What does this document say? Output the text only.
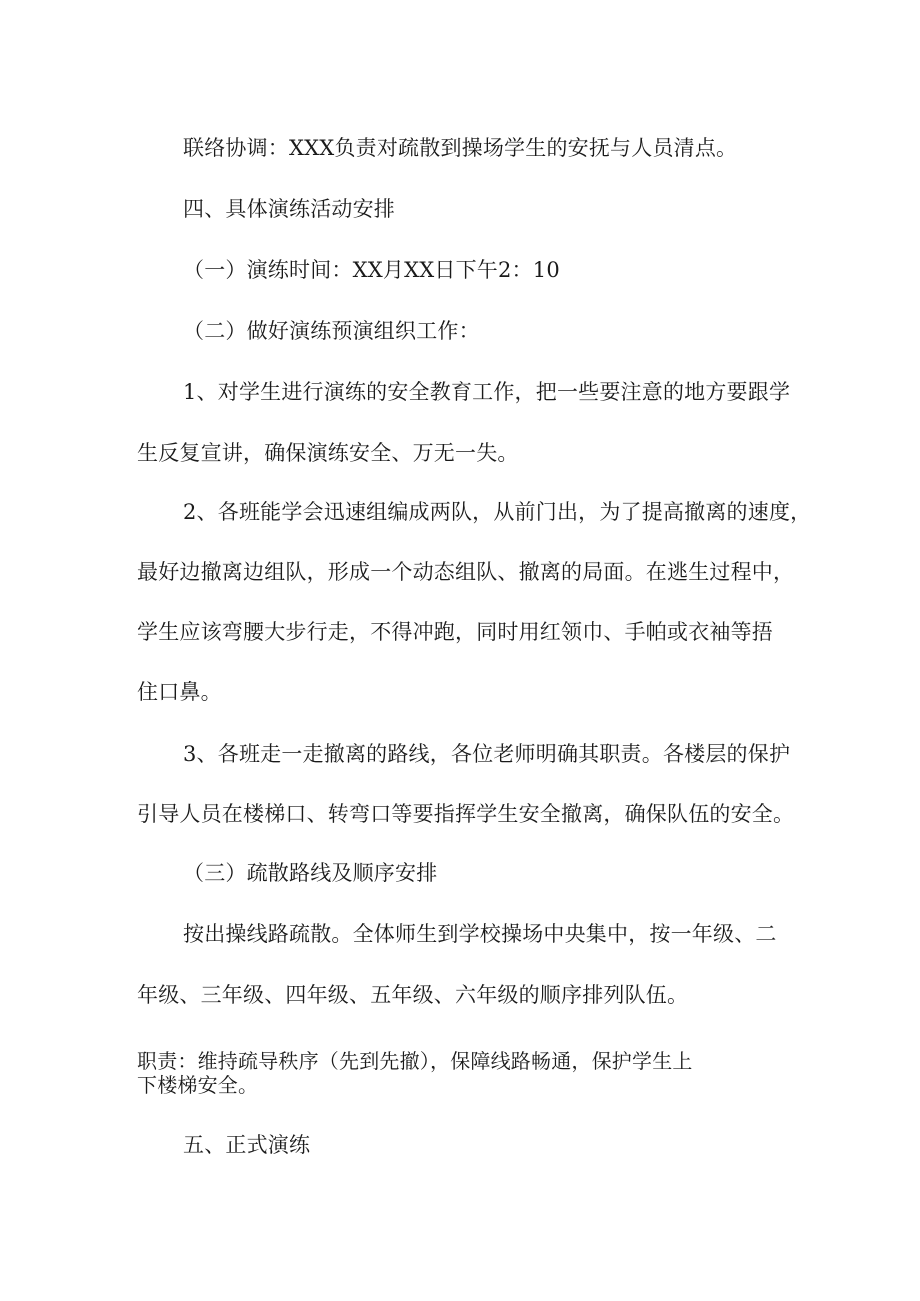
联络协调：XXX负责对疏散到操场学生的安抚与人员清点。
四、具体演练活动安排
（一）演练时间：XX月XX日下午2：10
（二）做好演练预演组织工作：
1、对学生进行演练的安全教育工作，把一些要注意的地方要跟学
生反复宣讲，确保演练安全、万无一失。
2、各班能学会迅速组编成两队，从前门出，为了提高撤离的速度，
最好边撤离边组队，形成一个动态组队、撤离的局面。在逃生过程中，
学生应该弯腰大步行走，不得冲跑，同时用红领巾、手帕或衣袖等捂
住口鼻。
3、各班走一走撤离的路线，各位老师明确其职责。各楼层的保护
引导人员在楼梯口、转弯口等要指挥学生安全撤离，确保队伍的安全。
（三）疏散路线及顺序安排
按出操线路疏散。全体师生到学校操场中央集中，按一年级、二
年级、三年级、四年级、五年级、六年级的顺序排列队伍。
职责：维持疏导秩序（先到先撤），保障线路畅通，保护学生上
下楼梯安全。
五、正式演练
